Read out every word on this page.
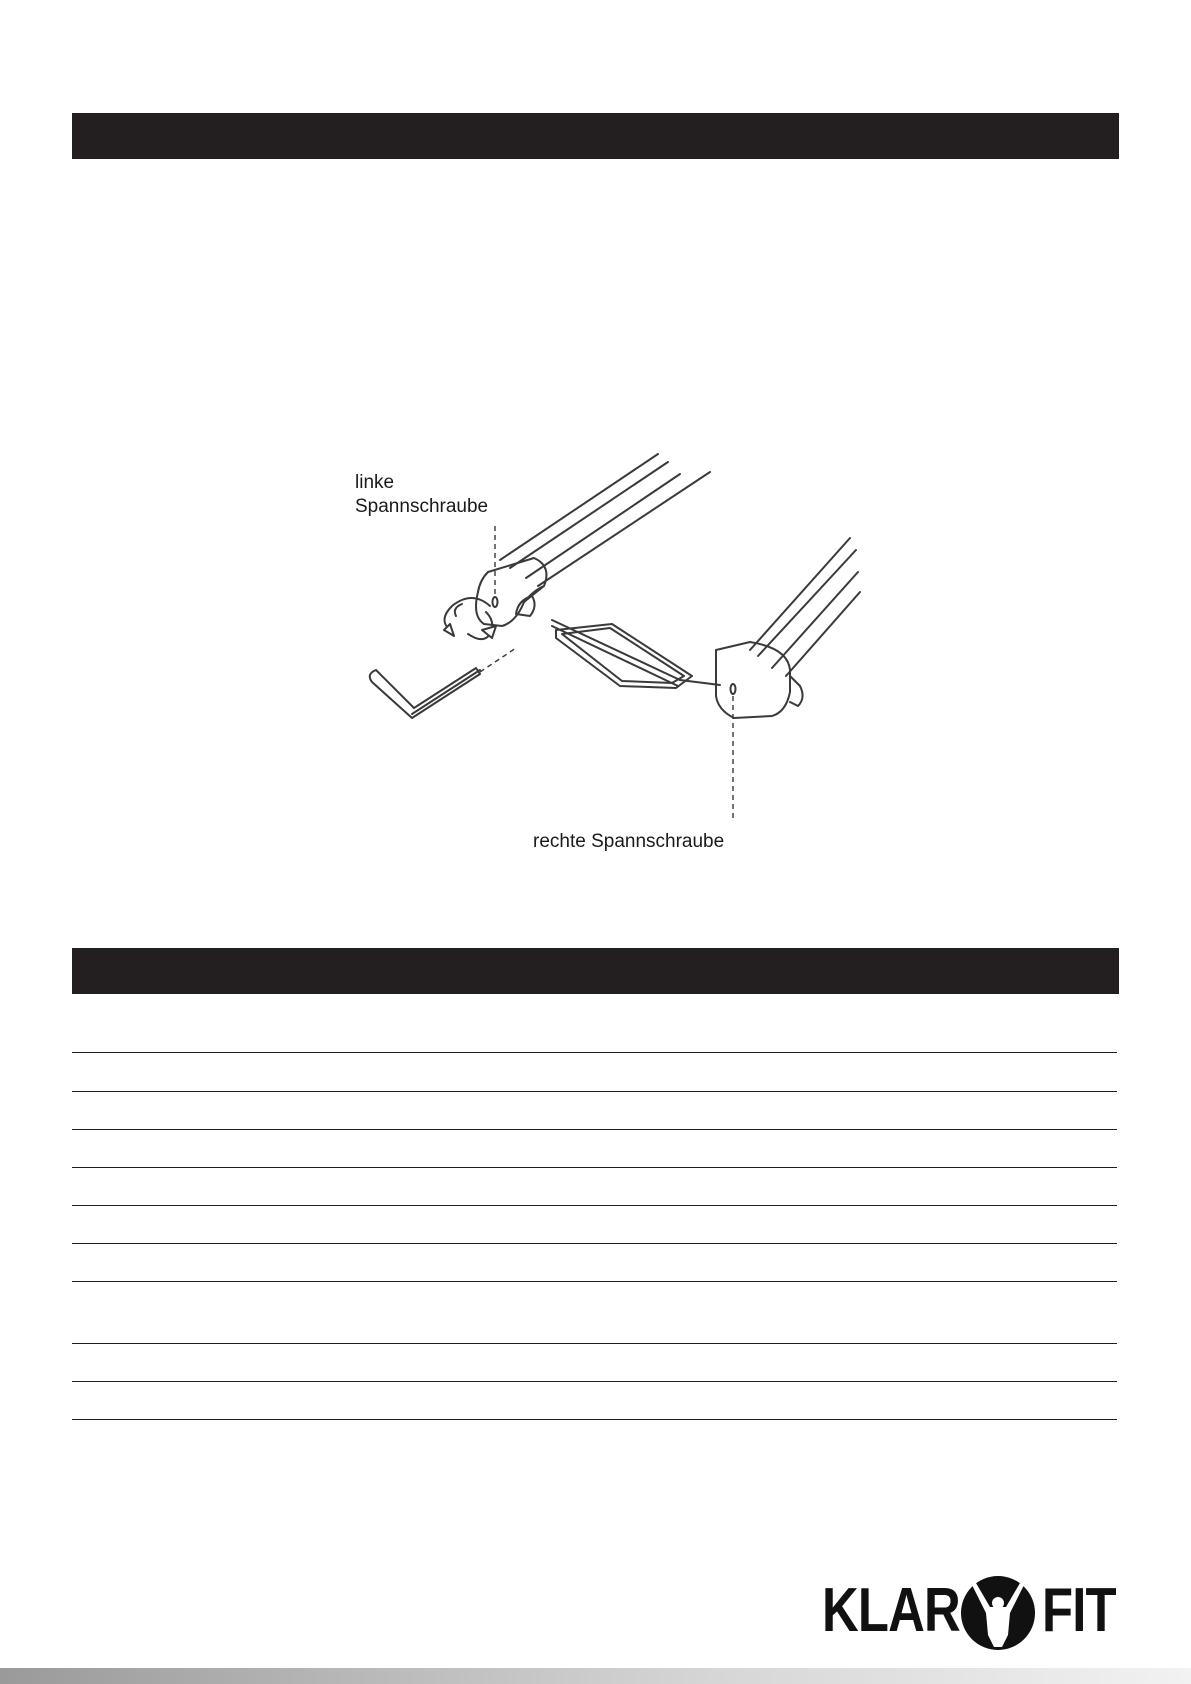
linke
Spannschraube
rechte Spannschraube
KLAR FIT
